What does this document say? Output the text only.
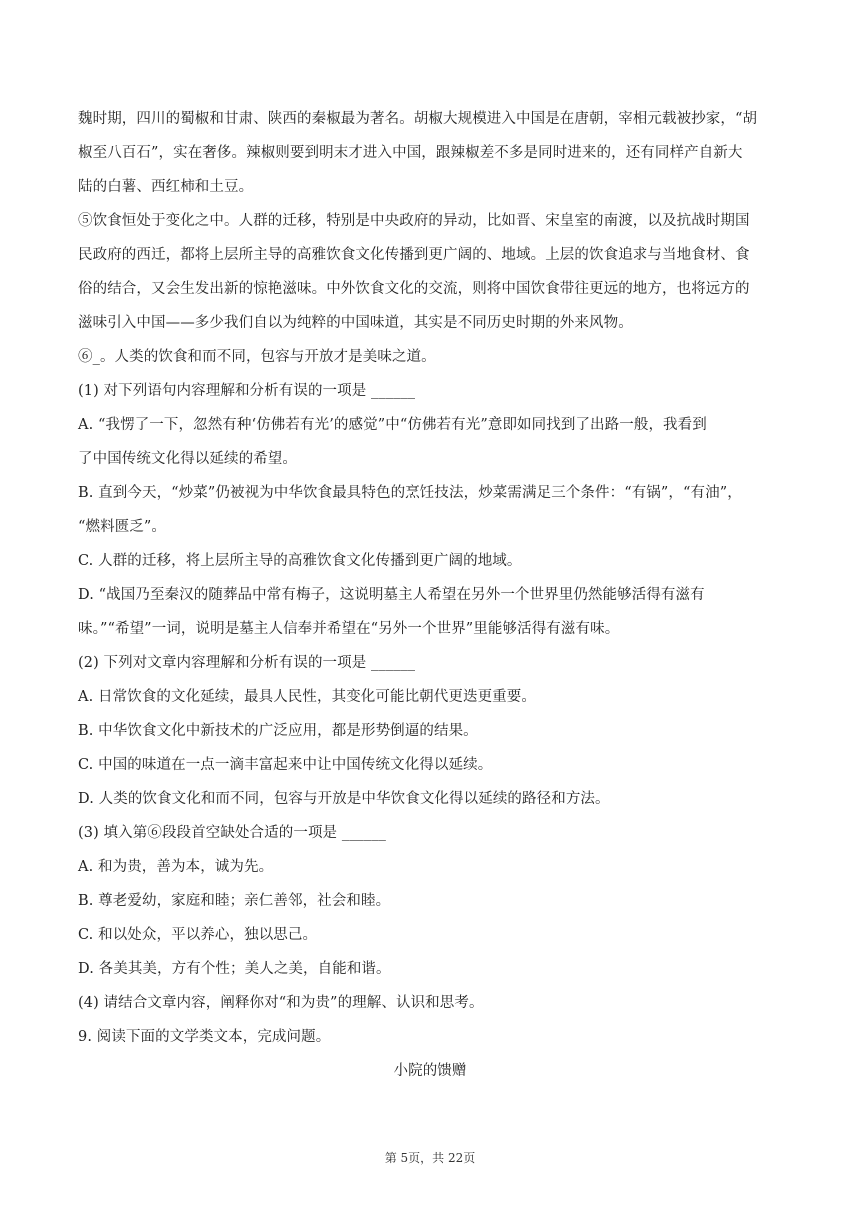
魏时期，四川的蜀椒和甘肃、陕西的秦椒最为著名。胡椒大规模进入中国是在唐朝，宰相元载被抄家，“胡
椒至八百石”，实在奢侈。辣椒则要到明末才进入中国，跟辣椒差不多是同时进来的，还有同样产自新大
陆的白薯、西红柿和土豆。
⑤饮食恒处于变化之中。人群的迁移，特别是中央政府的异动，比如晋、宋皇室的南渡，以及抗战时期国
民政府的西迁，都将上层所主导的高雅饮食文化传播到更广阔的、地域。上层的饮食追求与当地食材、食
俗的结合，又会生发出新的惊艳滋味。中外饮食文化的交流，则将中国饮食带往更远的地方，也将远方的
滋味引入中国——多少我们自以为纯粹的中国味道，其实是不同历史时期的外来风物。
⑥_。人类的饮食和而不同，包容与开放才是美味之道。
(1) 对下列语句内容理解和分析有误的一项是 ______
A. “我愣了一下，忽然有种‘仿佛若有光’的感觉”中“仿佛若有光”意即如同找到了出路一般，我看到
了中国传统文化得以延续的希望。
B. 直到今天，“炒菜”仍被视为中华饮食最具特色的烹饪技法，炒菜需满足三个条件：“有锅”，“有油”，
“燃料匮乏”。
C. 人群的迁移，将上层所主导的高雅饮食文化传播到更广阔的地域。
D. “战国乃至秦汉的随葬品中常有梅子，这说明墓主人希望在另外一个世界里仍然能够活得有滋有
味。”“希望”一词，说明是墓主人信奉并希望在“另外一个世界”里能够活得有滋有味。
(2) 下列对文章内容理解和分析有误的一项是 ______
A. 日常饮食的文化延续，最具人民性，其变化可能比朝代更迭更重要。
B. 中华饮食文化中新技术的广泛应用，都是形势倒逼的结果。
C. 中国的味道在一点一滴丰富起来中让中国传统文化得以延续。
D. 人类的饮食文化和而不同，包容与开放是中华饮食文化得以延续的路径和方法。
(3) 填入第⑥段段首空缺处合适的一项是 ______
A. 和为贵，善为本，诚为先。
B. 尊老爱幼，家庭和睦；亲仁善邻，社会和睦。
C. 和以处众，平以养心，独以思己。
D. 各美其美，方有个性；美人之美，自能和谐。
(4) 请结合文章内容，阐释你对“和为贵”的理解、认识和思考。
9. 阅读下面的文学类文本，完成问题。
小院的馈赠
第 5页，共 22页
